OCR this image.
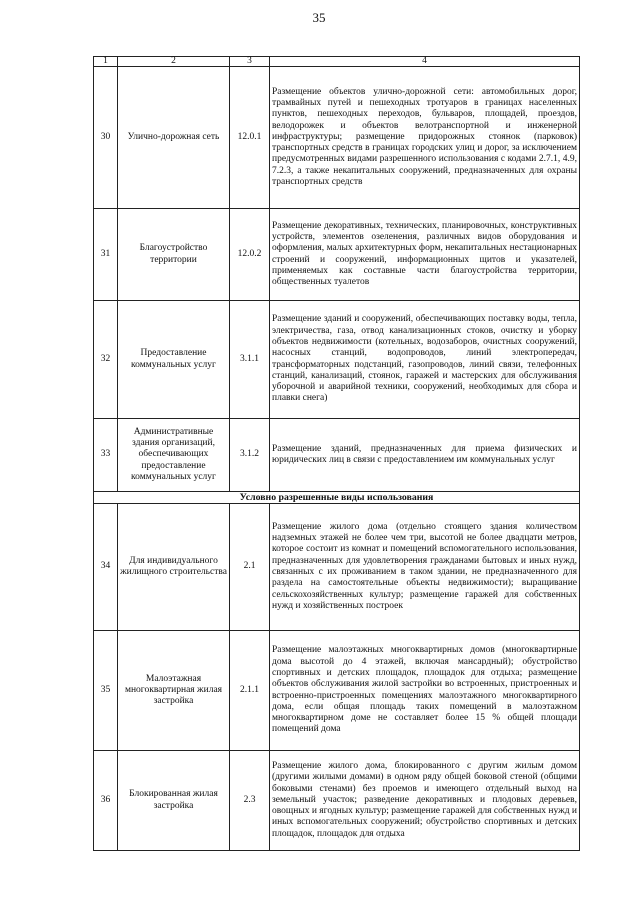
35
1	2	3	4
30	Улично-дорожная сеть	12.0.1	Размещение объектов улично-дорожной сети: автомобильных дорог, трамвайных путей и пешеходных тротуаров в границах населенных пунктов, пешеходных переходов, бульваров, площадей, проездов, велодорожек и объектов велотранспортной и инженерной инфраструктуры; размещение придорожных стоянок (парковок) транспортных средств в границах городских улиц и дорог, за исключением предусмотренных видами разрешенного использования с кодами 2.7.1, 4.9, 7.2.3, а также некапитальных сооружений, предназначенных для охраны транспортных средств
31	Благоустройство территории	12.0.2	Размещение декоративных, технических, планировочных, конструктивных устройств, элементов озеленения, различных видов оборудования и оформления, малых архитектурных форм, некапитальных нестационарных строений и сооружений, информационных щитов и указателей, применяемых как составные части благоустройства территории, общественных туалетов
32	Предоставление коммунальных услуг	3.1.1	Размещение зданий и сооружений, обеспечивающих поставку воды, тепла, электричества, газа, отвод канализационных стоков, очистку и уборку объектов недвижимости (котельных, водозаборов, очистных сооружений, насосных станций, водопроводов, линий электропередач, трансформаторных подстанций, газопроводов, линий связи, телефонных станций, канализаций, стоянок, гаражей и мастерских для обслуживания уборочной и аварийной техники, сооружений, необходимых для сбора и плавки снега)
33	Административные здания организаций, обеспечивающих предоставление коммунальных услуг	3.1.2	Размещение зданий, предназначенных для приема физических и юридических лиц в связи с предоставлением им коммунальных услуг
Условно разрешенные виды использования			
34	Для индивидуального жилищного строительства	2.1	Размещение жилого дома (отдельно стоящего здания количеством надземных этажей не более чем три, высотой не более двадцати метров, которое состоит из комнат и помещений вспомогательного использования, предназначенных для удовлетворения гражданами бытовых и иных нужд, связанных с их проживанием в таком здании, не предназначенного для раздела на самостоятельные объекты недвижимости); выращивание сельскохозяйственных культур; размещение гаражей для собственных нужд и хозяйственных построек
35	Малоэтажная многоквартирная жилая застройка	2.1.1	Размещение малоэтажных многоквартирных домов (многоквартирные дома высотой до 4 этажей, включая мансардный); обустройство спортивных и детских площадок, площадок для отдыха; размещение объектов обслуживания жилой застройки во встроенных, пристроенных и встроенно-пристроенных помещениях малоэтажного многоквартирного дома, если общая площадь таких помещений в малоэтажном многоквартирном доме не составляет более 15 % общей площади помещений дома
36	Блокированная жилая застройка	2.3	Размещение жилого дома, блокированного с другим жилым домом (другими жилыми домами) в одном ряду общей боковой стеной (общими боковыми стенами) без проемов и имеющего отдельный выход на земельный участок; разведение декоративных и плодовых деревьев, овощных и ягодных культур; размещение гаражей для собственных нужд и иных вспомогательных сооружений; обустройство спортивных и детских площадок, площадок для отдыха
